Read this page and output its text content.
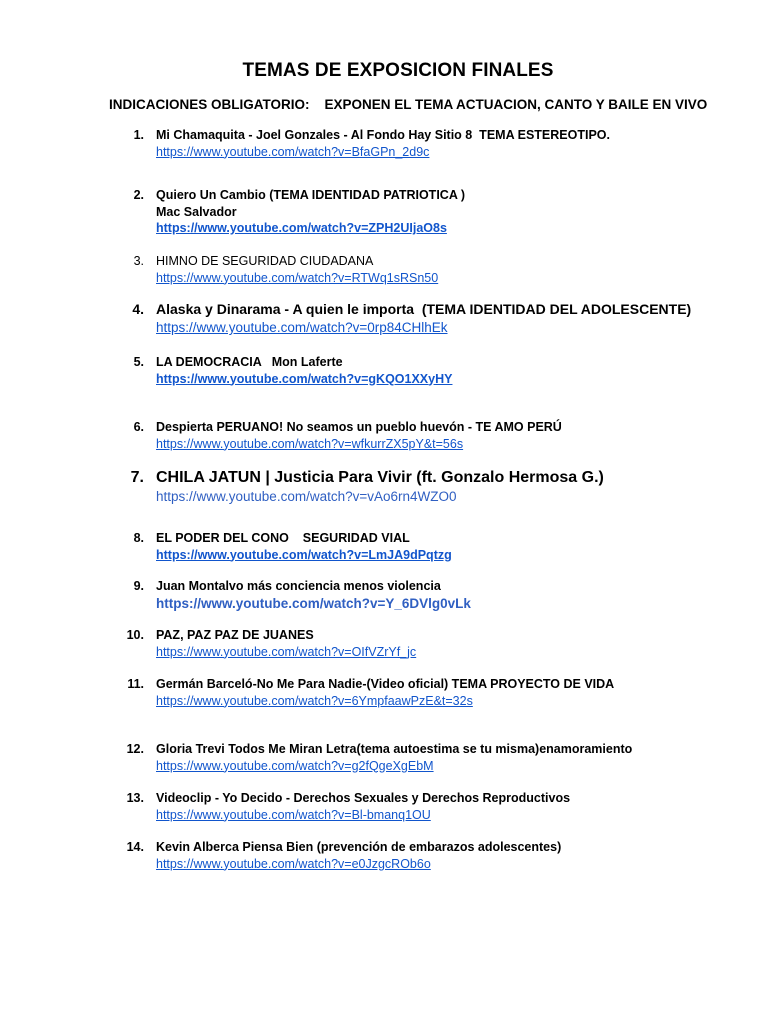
TEMAS DE EXPOSICION FINALES
INDICACIONES OBLIGATORIO:    EXPONEN EL TEMA ACTUACION, CANTO Y BAILE EN VIVO
1. Mi Chamaquita - Joel Gonzales - Al Fondo Hay Sitio 8  TEMA ESTEREOTIPO.
https://www.youtube.com/watch?v=BfaGPn_2d9c
2. Quiero Un Cambio (TEMA IDENTIDAD PATRIOTICA )
Mac Salvador
https://www.youtube.com/watch?v=ZPH2UIjaO8s
3. HIMNO DE SEGURIDAD CIUDADANA
https://www.youtube.com/watch?v=RTWq1sRSn50
4. Alaska y Dinarama - A quien le importa  (TEMA IDENTIDAD DEL ADOLESCENTE)
https://www.youtube.com/watch?v=0rp84CHlhEk
5. LA DEMOCRACIA   Mon Laferte
https://www.youtube.com/watch?v=gKQO1XXyHY
6. Despierta PERUANO! No seamos un pueblo huevón - TE AMO PERÚ
https://www.youtube.com/watch?v=wfkurrZX5pY&t=56s
7. CHILA JATUN | Justicia Para Vivir (ft. Gonzalo Hermosa G.)
https://www.youtube.com/watch?v=vAo6rn4WZO0
8. EL PODER DEL CONO    SEGURIDAD VIAL
https://www.youtube.com/watch?v=LmJA9dPqtzg
9. Juan Montalvo más conciencia menos violencia
https://www.youtube.com/watch?v=Y_6DVlg0vLk
10. PAZ, PAZ PAZ DE JUANES
https://www.youtube.com/watch?v=OIfVZrYf_jc
11. Germán Barceló-No Me Para Nadie-(Video oficial) TEMA PROYECTO DE VIDA
https://www.youtube.com/watch?v=6YmpfaawPzE&t=32s
12. Gloria Trevi Todos Me Miran Letra(tema autoestima se tu misma)enamoramiento
https://www.youtube.com/watch?v=g2fQgeXgEbM
13. Videoclip - Yo Decido - Derechos Sexuales y Derechos Reproductivos
https://www.youtube.com/watch?v=Bl-bmanq1OU
14. Kevin Alberca Piensa Bien (prevención de embarazos adolescentes)
https://www.youtube.com/watch?v=e0JzgcROb6o
